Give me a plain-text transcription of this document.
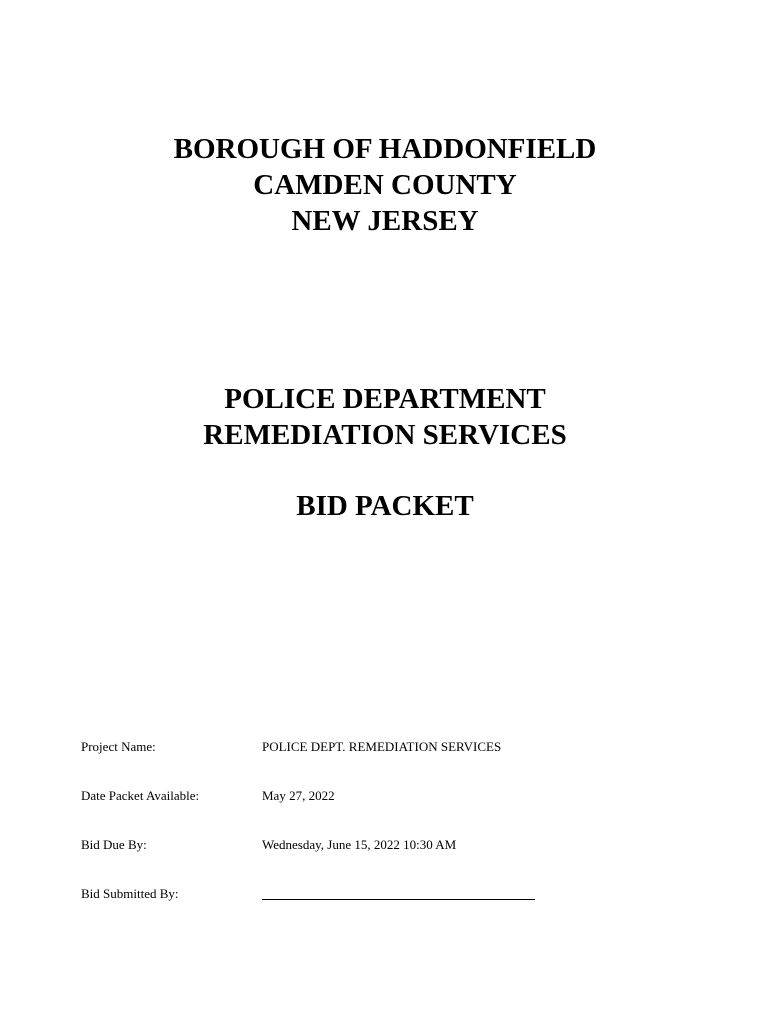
BOROUGH OF HADDONFIELD
CAMDEN COUNTY
NEW JERSEY
POLICE DEPARTMENT
REMEDIATION SERVICES
BID PACKET
Project Name:	POLICE DEPT. REMEDIATION SERVICES
Date Packet Available:	May 27, 2022
Bid Due By:	Wednesday, June 15, 2022 10:30 AM
Bid Submitted By:
